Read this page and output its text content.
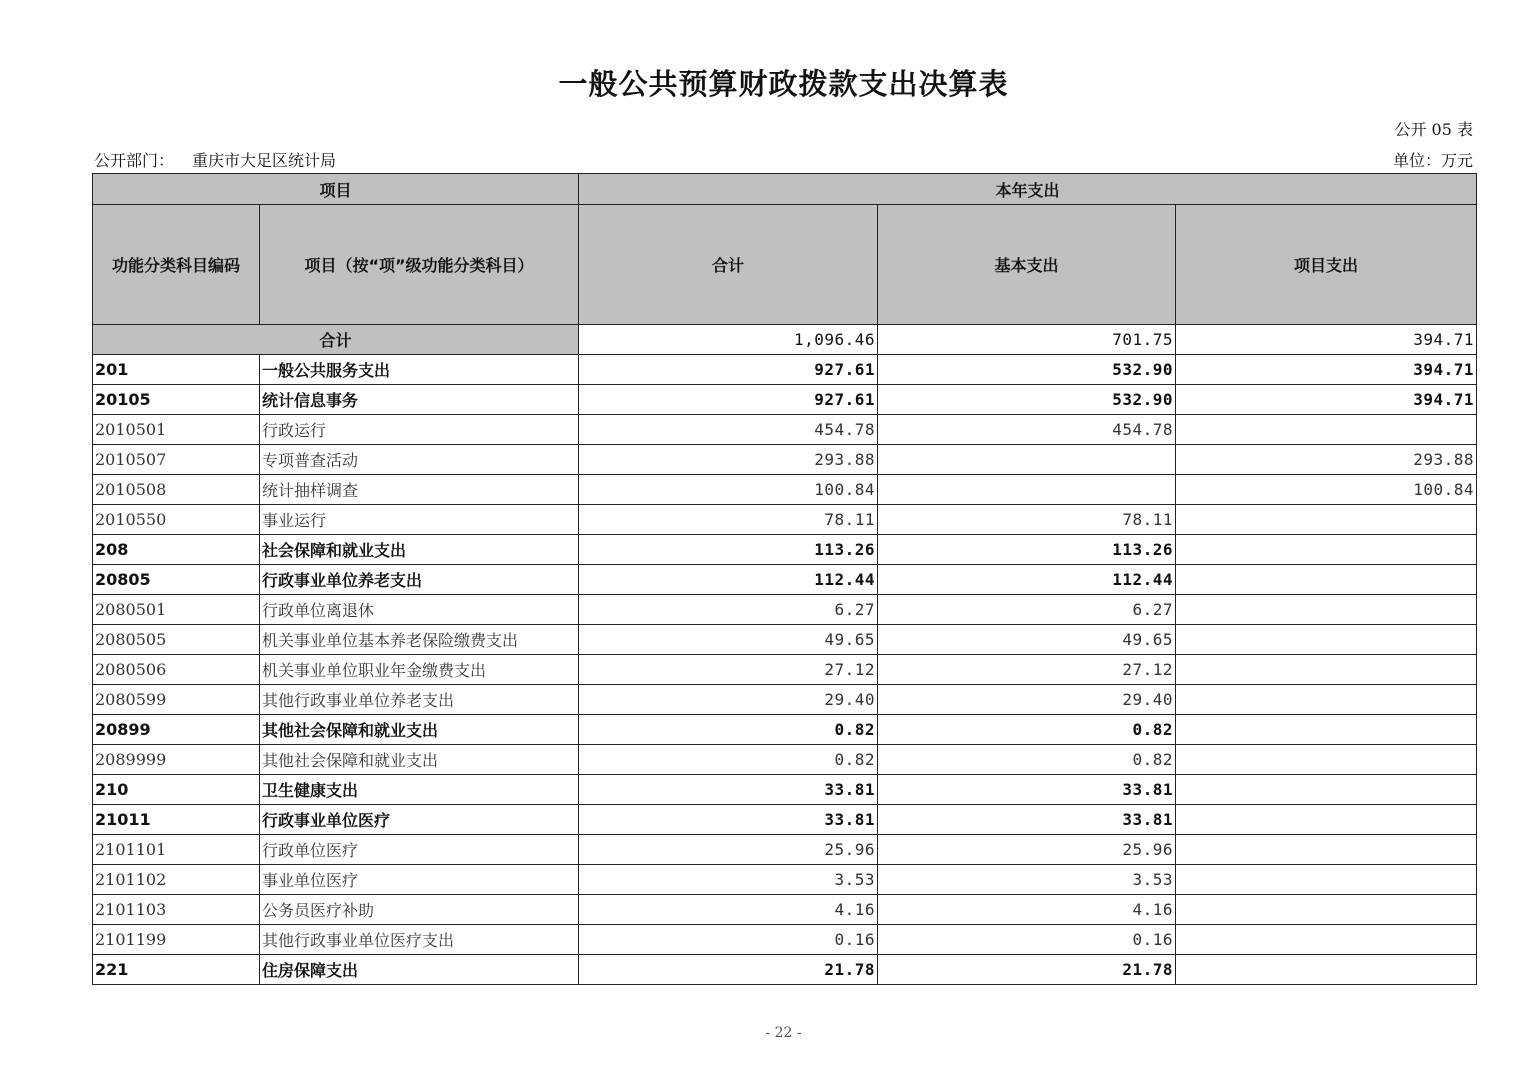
一般公共预算财政拨款支出决算表
公开 05 表
公开部门： 重庆市大足区统计局	单位：万元
项目		本年支出		
功能分类科目编码	项目（按“项”级功能分类科目）	合计	基本支出	项目支出
合计		1,096.46	701.75	394.71
201	一般公共服务支出	927.61	532.90	394.71
20105	统计信息事务	927.61	532.90	394.71
2010501	行政运行	454.78	454.78	
2010507	专项普查活动	293.88		293.88
2010508	统计抽样调查	100.84		100.84
2010550	事业运行	78.11	78.11	
208	社会保障和就业支出	113.26	113.26	
20805	行政事业单位养老支出	112.44	112.44	
2080501	行政单位离退休	6.27	6.27	
2080505	机关事业单位基本养老保险缴费支出	49.65	49.65	
2080506	机关事业单位职业年金缴费支出	27.12	27.12	
2080599	其他行政事业单位养老支出	29.40	29.40	
20899	其他社会保障和就业支出	0.82	0.82	
2089999	其他社会保障和就业支出	0.82	0.82	
210	卫生健康支出	33.81	33.81	
21011	行政事业单位医疗	33.81	33.81	
2101101	行政单位医疗	25.96	25.96	
2101102	事业单位医疗	3.53	3.53	
2101103	公务员医疗补助	4.16	4.16	
2101199	其他行政事业单位医疗支出	0.16	0.16	
221	住房保障支出	21.78	21.78	
- 22 -
